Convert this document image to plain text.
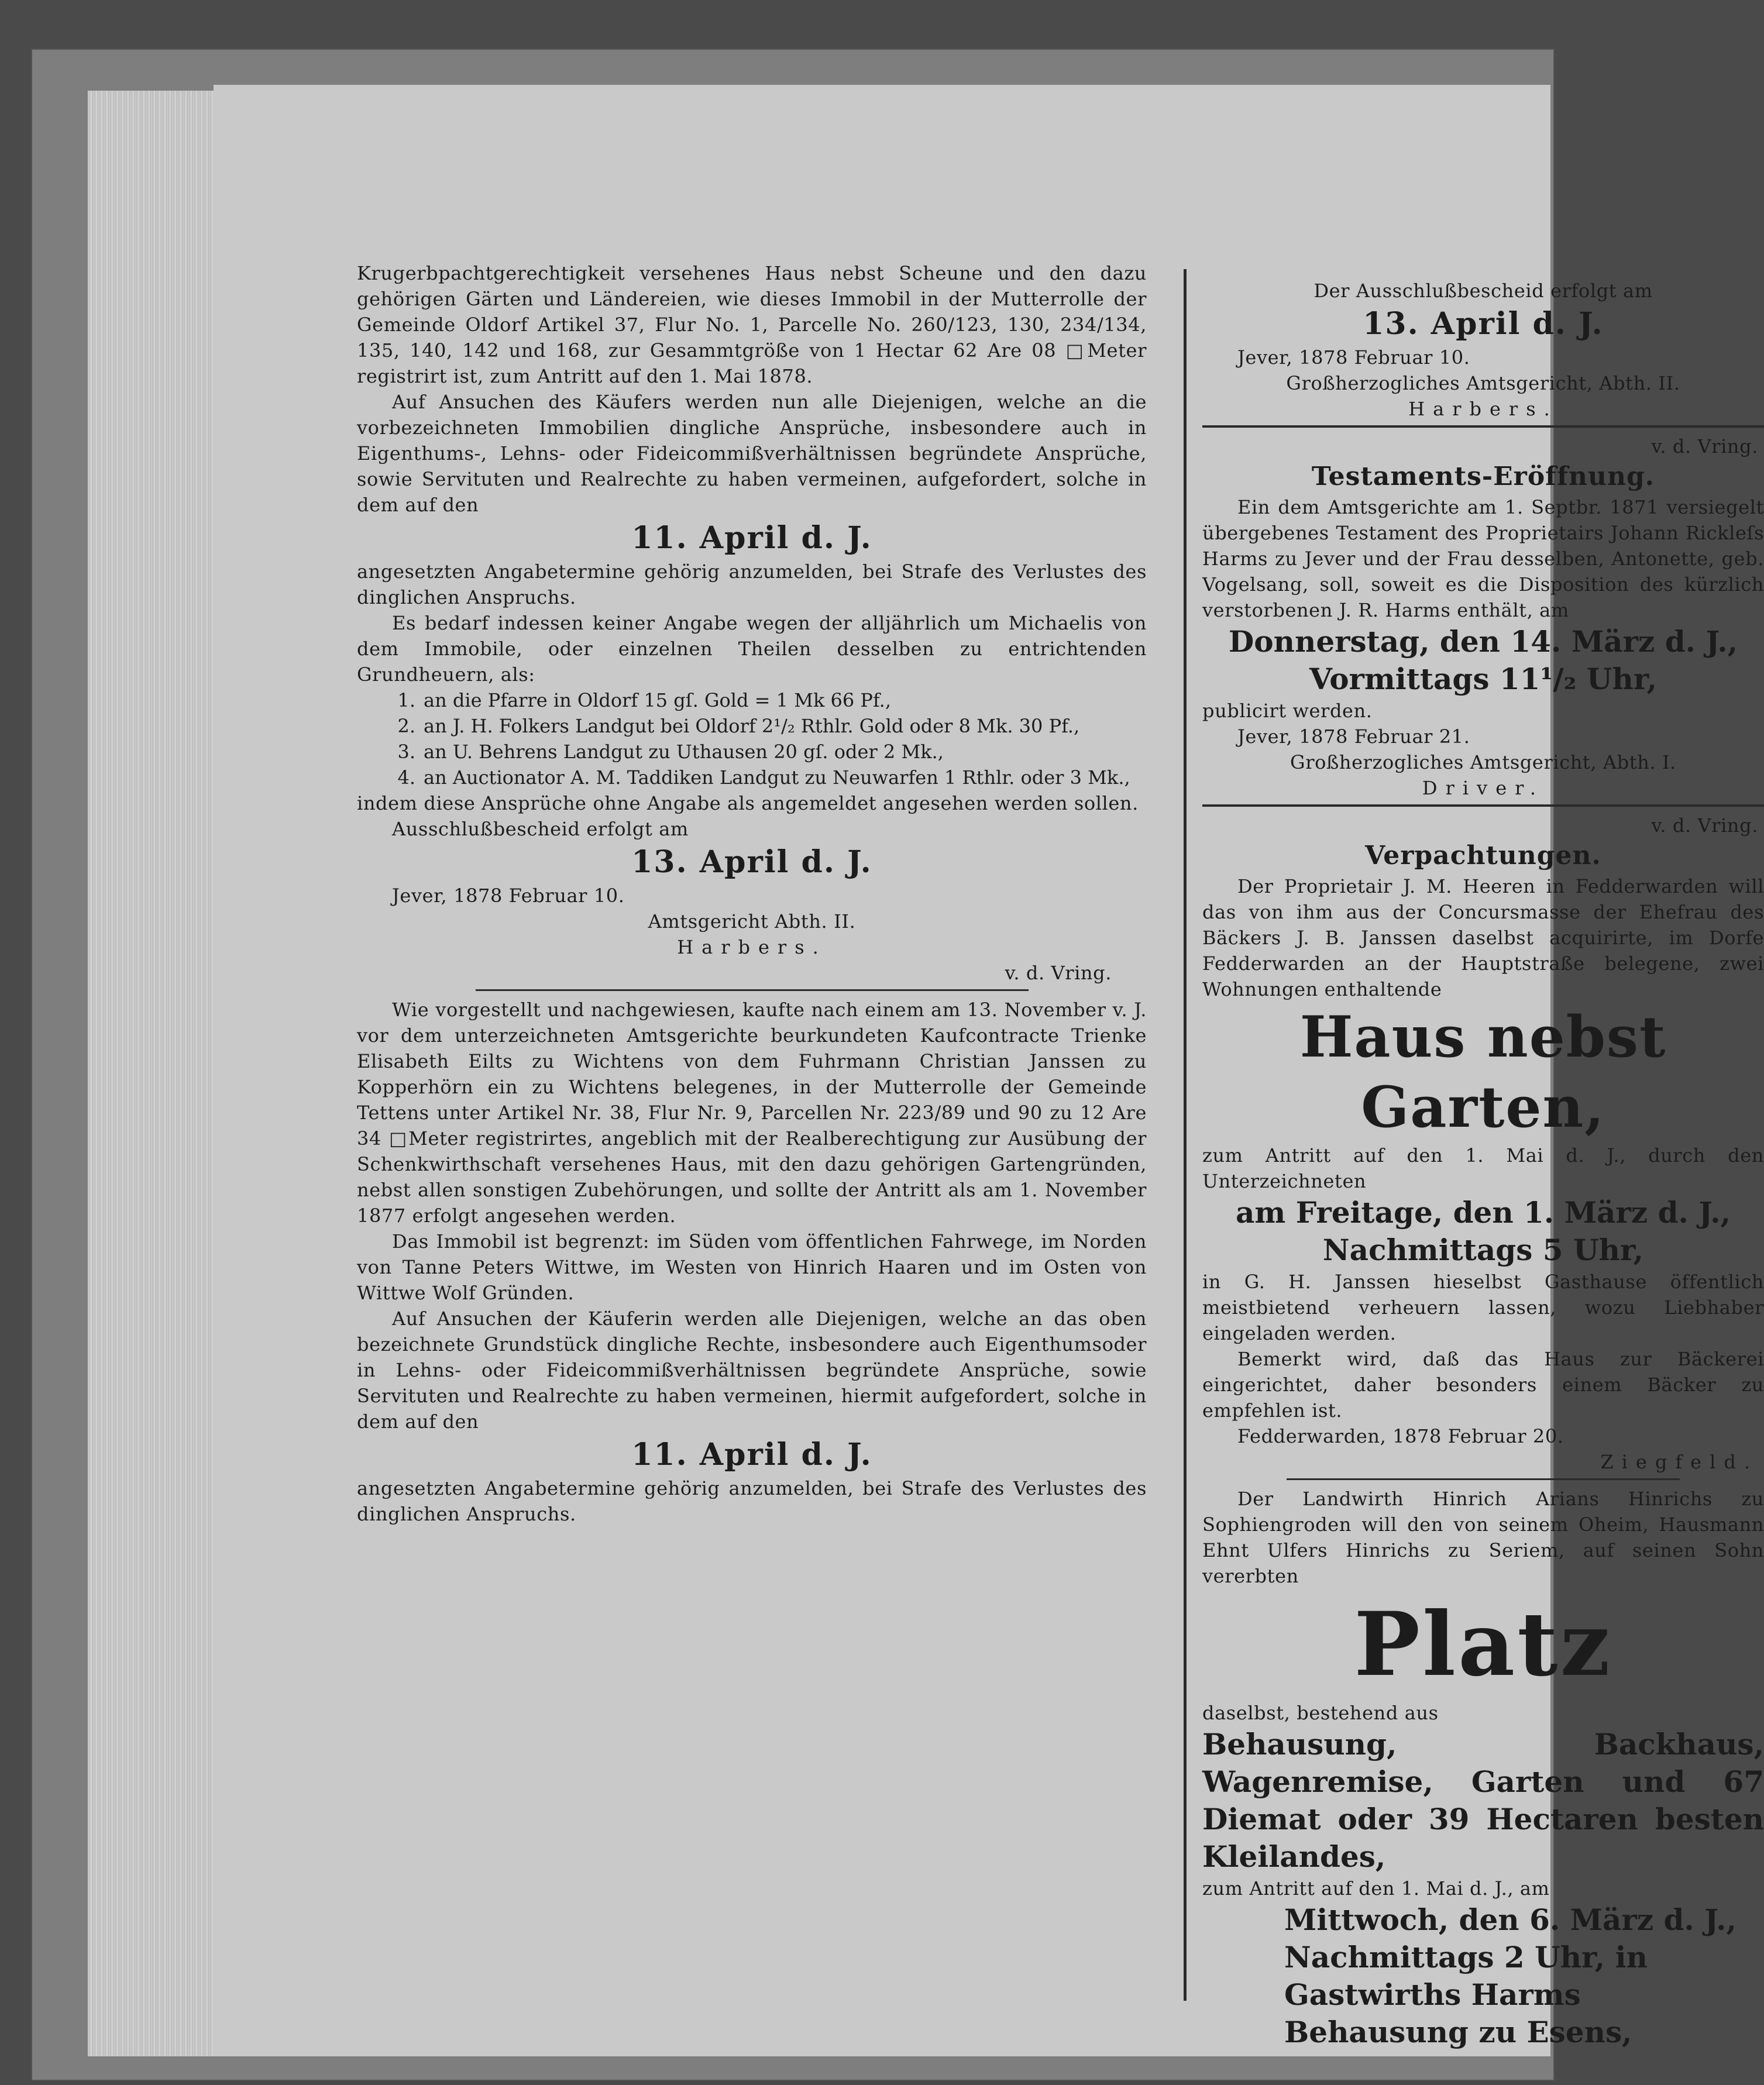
Krugerbpachtgerechtigkeit versehenes Haus nebst Scheune und den dazu gehörigen Gärten und Ländereien, wie dieses Immobil in der Mutterrolle der Gemeinde Oldorf Artikel 37, Flur No. 1, Parcelle No. 260/123, 130, 234/134, 135, 140, 142 und 168, zur Gesammtgröße von 1 Hectar 62 Are 08 □Meter registrirt ist, zum Antritt auf den 1. Mai 1878.

Auf Ansuchen des Käufers werden nun alle Diejenigen, welche an die vorbezeichneten Immobilien dingliche Ansprüche, insbesondere auch in Eigenthums-, Lehns- oder Fideicommißverhältnissen begründete Ansprüche, sowie Servituten und Realrechte zu haben vermeinen, aufgefordert, solche in dem auf den

11. April d. J.

angesetzten Angabetermine gehörig anzumelden, bei Strafe des Verlustes des dinglichen Anspruchs.

Es bedarf indessen keiner Angabe wegen der alljährlich um Michaelis von dem Immobile, oder einzelnen Theilen desselben zu entrichtenden Grundheuern, als:

1. an die Pfarre in Oldorf 15 gſ. Gold = 1 Mk 66 Pf.,
2. an J. H. Folkers Landgut bei Oldorf 2¹/₂ Rthlr. Gold oder 8 Mk. 30 Pf.,
3. an U. Behrens Landgut zu Uthausen 20 gſ. oder 2 Mk.,
4. an Auctionator A. M. Taddiken Landgut zu Neuwarfen 1 Rthlr. oder 3 Mk.,

indem diese Ansprüche ohne Angabe als angemeldet angesehen werden sollen.

Ausschlußbescheid erfolgt am

13. April d. J.

Jever, 1878 Februar 10.

Amtsgericht Abth. II.

Harbers.

v. d. Vring.

Wie vorgestellt und nachgewiesen, kaufte nach einem am 13. November v. J. vor dem unterzeichneten Amtsgerichte beurkundeten Kaufcontracte Trienke Elisabeth Eilts zu Wichtens von dem Fuhrmann Christian Janssen zu Kopperhörn ein zu Wichtens belegenes, in der Mutterrolle der Gemeinde Tettens unter Artikel Nr. 38, Flur Nr. 9, Parcellen Nr. 223/89 und 90 zu 12 Are 34 □Meter registrirtes, angeblich mit der Realberechtigung zur Ausübung der Schenkwirthschaft versehenes Haus, mit den dazu gehörigen Gartengründen, nebst allen sonstigen Zubehörungen, und sollte der Antritt als am 1. November 1877 erfolgt angesehen werden.

Das Immobil ist begrenzt: im Süden vom öffentlichen Fahrwege, im Norden von Tanne Peters Wittwe, im Westen von Hinrich Haaren und im Osten von Wittwe Wolf Gründen.

Auf Ansuchen der Käuferin werden alle Diejenigen, welche an das oben bezeichnete Grundstück dingliche Rechte, insbesondere auch Eigenthumsoder in Lehns- oder Fideicommißverhältnissen begründete Ansprüche, sowie Servituten und Realrechte zu haben vermeinen, hiermit aufgefordert, solche in dem auf den

11. April d. J.

angesetzten Angabetermine gehörig anzumelden, bei Strafe des Verlustes des dinglichen Anspruchs.

Der Ausschlußbescheid erfolgt am

13. April d. J.

Jever, 1878 Februar 10.

Großherzogliches Amtsgericht, Abth. II.

Harbers.

v. d. Vring.

Testaments-Eröffnung.

Ein dem Amtsgerichte am 1. Septbr. 1871 versiegelt übergebenes Testament des Proprietairs Johann Rickleſs Harms zu Jever und der Frau desselben, Antonette, geb. Vogelsang, soll, soweit es die Disposition des kürzlich verstorbenen J. R. Harms enthält, am

Donnerstag, den 14. März d. J.,

Vormittags 11¹/₂ Uhr,

publicirt werden.

Jever, 1878 Februar 21.

Großherzogliches Amtsgericht, Abth. I.

Driver.

v. d. Vring.

Verpachtungen.

Der Proprietair J. M. Heeren in Fedderwarden will das von ihm aus der Concursmasse der Ehefrau des Bäckers J. B. Janssen daselbst acquirirte, im Dorfe Fedderwarden an der Hauptstraße belegene, zwei Wohnungen enthaltende

Haus nebst Garten,

zum Antritt auf den 1. Mai d. J., durch den Unterzeichneten

am Freitage, den 1. März d. J.,

Nachmittags 5 Uhr,

in G. H. Janssen hieselbst Gasthause öffentlich meistbietend verheuern lassen, wozu Liebhaber eingeladen werden.

Bemerkt wird, daß das Haus zur Bäckerei eingerichtet, daher besonders einem Bäcker zu empfehlen ist.

Fedderwarden, 1878 Februar 20.

Ziegfeld.

Der Landwirth Hinrich Arians Hinrichs zu Sophiengroden will den von seinem Oheim, Hausmann Ehnt Ulfers Hinrichs zu Seriem, auf seinen Sohn vererbten

Platz

daselbst, bestehend aus

Behausung, Backhaus, Wagenremise, Garten und 67 Diemat oder 39 Hectaren besten Kleilandes,

zum Antritt auf den 1. Mai d. J., am

Mittwoch, den 6. März d. J., Nachmittags 2 Uhr, in Gastwirths Harms Behausung zu Esens,
